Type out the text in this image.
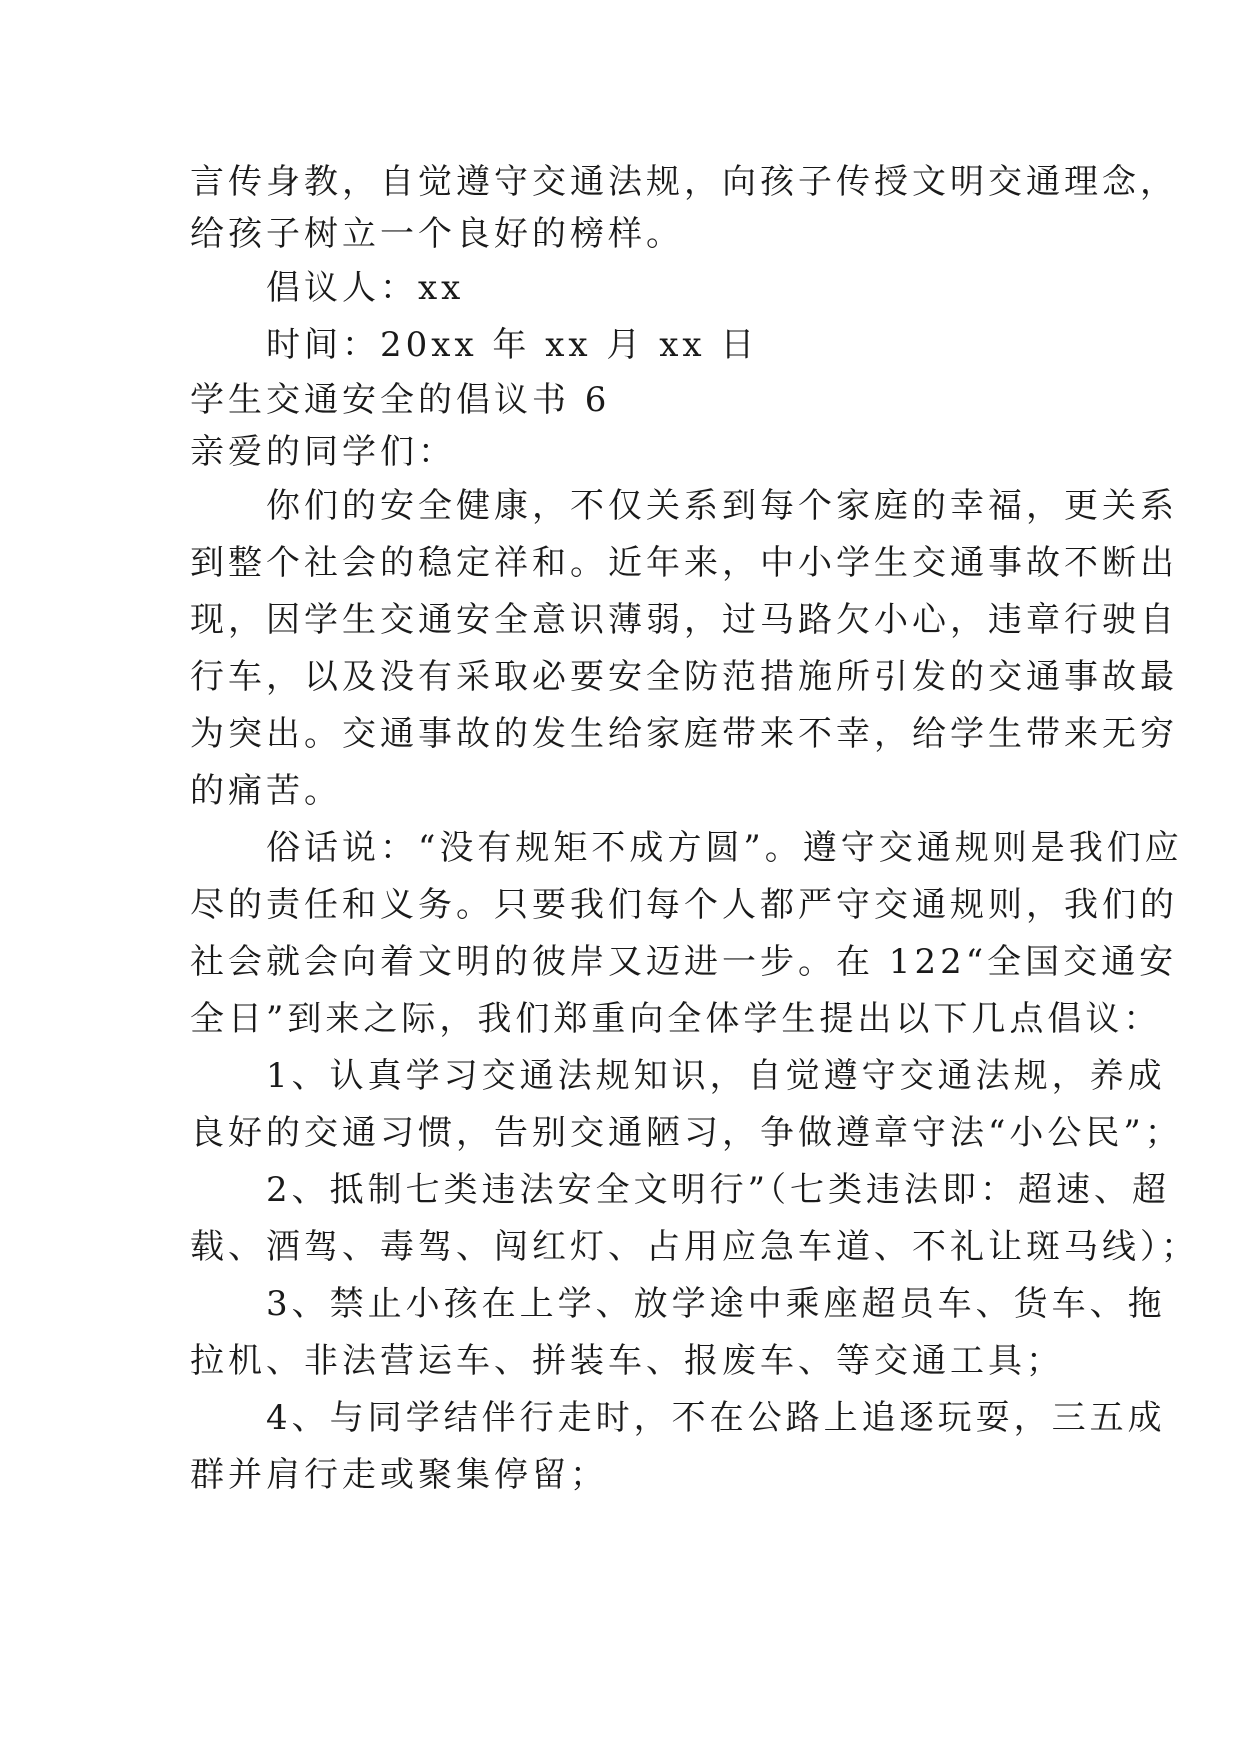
言传身教，自觉遵守交通法规，向孩子传授文明交通理念，
给孩子树立一个良好的榜样。
　　倡议人：xx
　　时间：20xx 年 xx 月 xx 日
学生交通安全的倡议书 6
亲爱的同学们：
　　你们的安全健康，不仅关系到每个家庭的幸福，更关系
到整个社会的稳定祥和。近年来，中小学生交通事故不断出
现，因学生交通安全意识薄弱，过马路欠小心，违章行驶自
行车，以及没有采取必要安全防范措施所引发的交通事故最
为突出。交通事故的发生给家庭带来不幸，给学生带来无穷
的痛苦。
　　俗话说：“没有规矩不成方圆”。遵守交通规则是我们应
尽的责任和义务。只要我们每个人都严守交通规则，我们的
社会就会向着文明的彼岸又迈进一步。在 122“全国交通安
全日”到来之际，我们郑重向全体学生提出以下几点倡议：
　　1、认真学习交通法规知识，自觉遵守交通法规，养成
良好的交通习惯，告别交通陋习，争做遵章守法“小公民”；
　　2、抵制七类违法安全文明行”（七类违法即：超速、超
载、酒驾、毒驾、闯红灯、占用应急车道、不礼让斑马线）；
　　3、禁止小孩在上学、放学途中乘座超员车、货车、拖
拉机、非法营运车、拼装车、报废车、等交通工具；
　　4、与同学结伴行走时，不在公路上追逐玩耍，三五成
群并肩行走或聚集停留；
